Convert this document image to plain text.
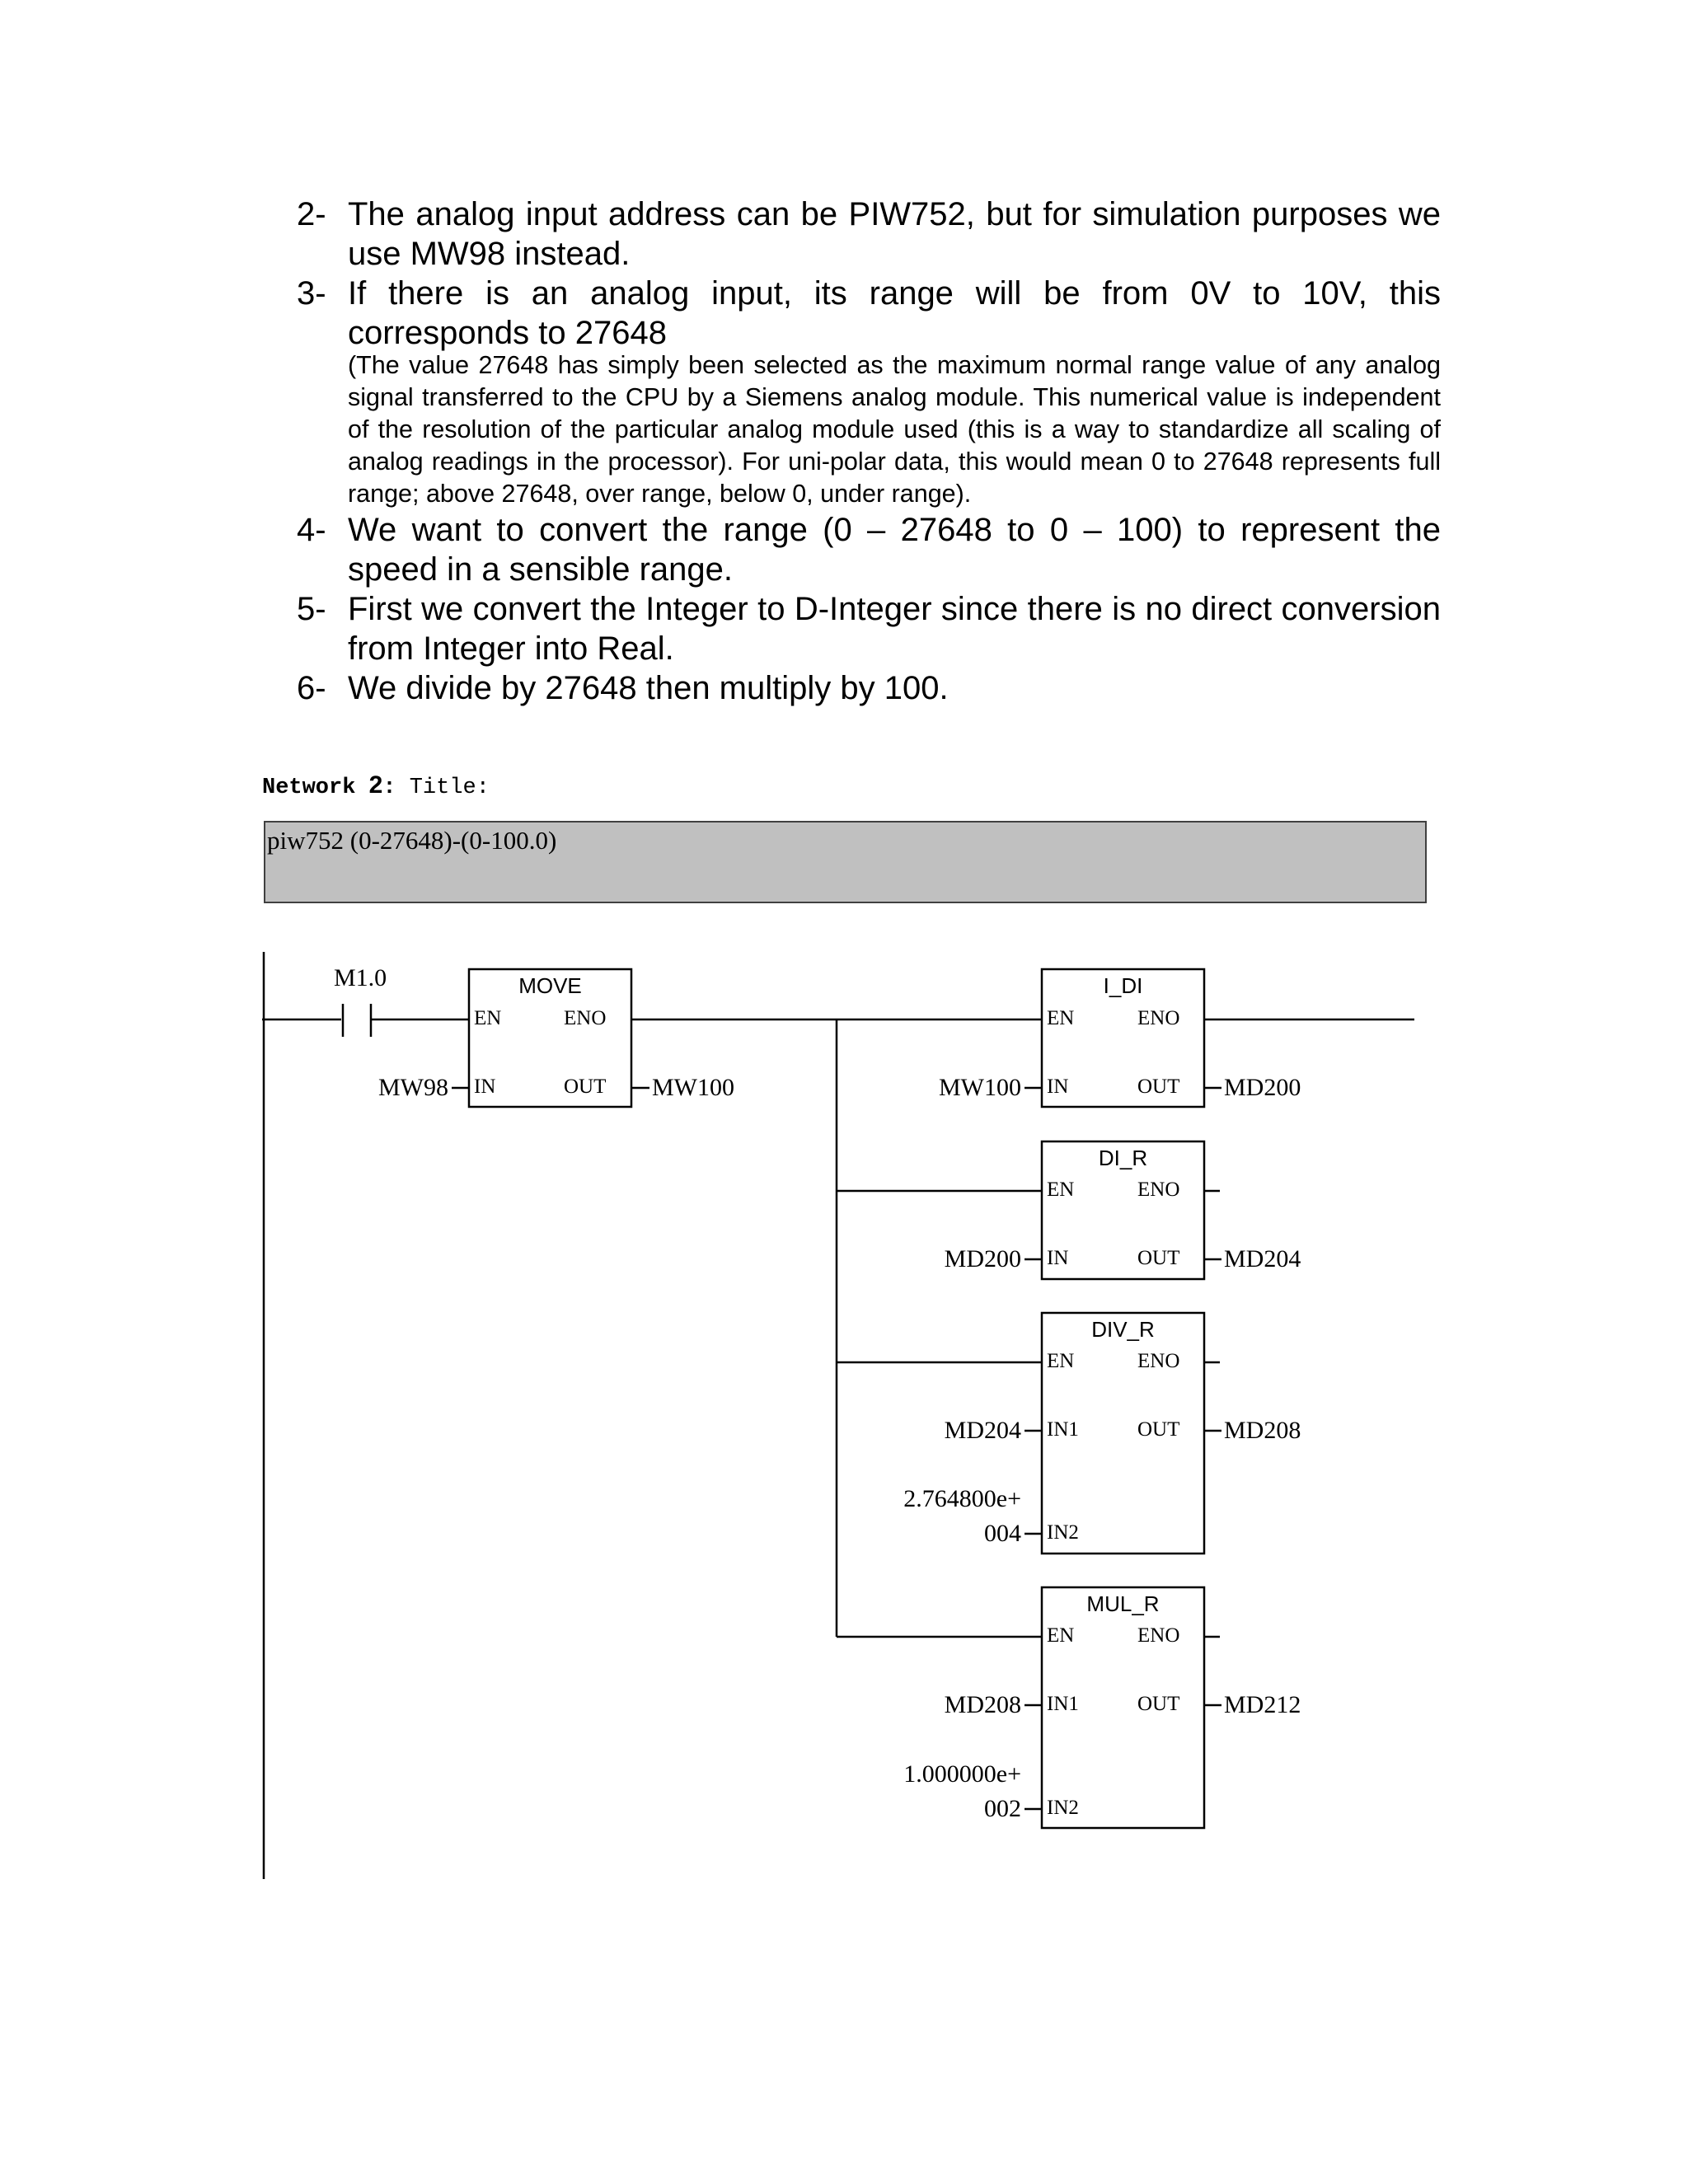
2- The analog input address can be PIW752, but for simulation purposes we use MW98 instead.
3- If there is an analog input, its range will be from 0V to 10V, this corresponds to 27648
(The value 27648 has simply been selected as the maximum normal range value of any analog signal transferred to the CPU by a Siemens analog module. This numerical value is independent of the resolution of the particular analog module used (this is a way to standardize all scaling of analog readings in the processor). For uni-polar data, this would mean 0 to 27648 represents full range; above 27648, over range, below 0, under range).
4- We want to convert the range (0 – 27648 to 0 – 100) to represent the speed in a sensible range.
5- First we convert the Integer to D-Integer since there is no direct conversion from Integer into Real.
6- We divide by 27648 then multiply by 100.
Network 2: Title:
piw752 (0-27648)-(0-100.0)
M1.0	MOVE
EN	ENO
IN	OUT
MW98	MW100
I_DI
EN	ENO
IN	OUT
MW100	MD200
DI_R
EN	ENO
IN	OUT
MD200	MD204
DIV_R
EN	ENO
IN1	OUT
IN2
MD204
2.764800e+
004
MD208
MUL_R
EN	ENO
IN1	OUT
IN2
MD208
1.000000e+
002
MD212
